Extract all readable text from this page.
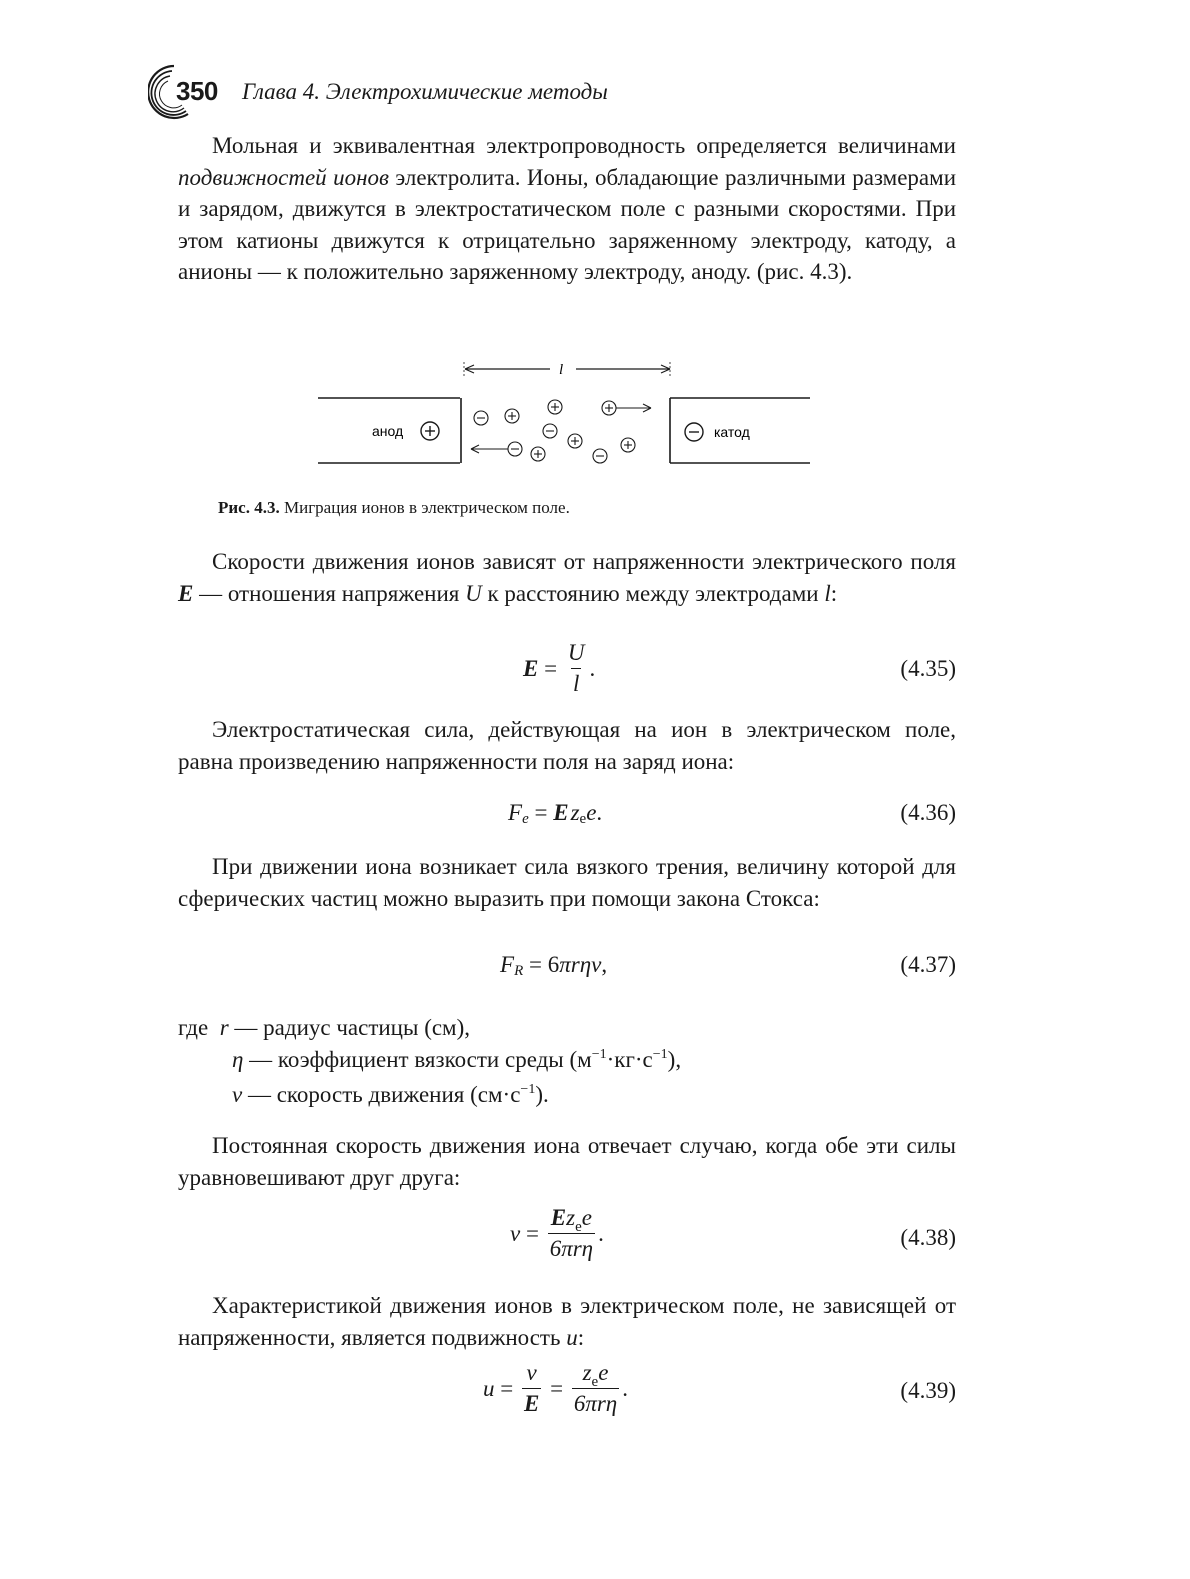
350 Глава 4. Электрохимические методы

Мольная и эквивалентная электропроводность определяется величинами подвижностей ионов электролита. Ионы, обладающие различными размерами и зарядом, движутся в электростатическом поле с разными скоростями. При этом катионы движутся к отрицательно заряженному электроду, катоду, а анионы — к положительно заряженному электроду, аноду. (рис. 4.3).

анод	катод
l
Рис. 4.3. Миграция ионов в электрическом поле.

Скорости движения ионов зависят от напряженности электрического поля E — отношения напряжения U к расстоянию между электродами l:

$E = \frac{U}{l}$ .	(4.35)

Электростатическая сила, действующая на ион в электрическом поле, равна произведению напряженности поля на заряд иона:

F e = E z e e .	(4.36)

При движении иона возникает сила вязкого трения, величину которой для сферических частиц можно выразить при помощи закона Стокса:

F R = 6 πrηv ,	(4.37)
где r — радиус частицы (см),
η — коэффициент вязкости среды $(м^{-1}\cdot кг\cdot с^{-1})$,
v — скорость движения $(см\cdot с^{-1})$.

Постоянная скорость движения иона отвечает случаю, когда обе эти силы уравновешивают друг друга:

$v = \frac{Ez_ee}{\text{6πrη}}$ .	(4.38)

Характеристикой движения ионов в электрическом поле, не зависящей от напряженности, является подвижность u:

$u = \frac{v}{E} = \frac{z_ee}{\text{6πrη}}$ .	(4.39)
